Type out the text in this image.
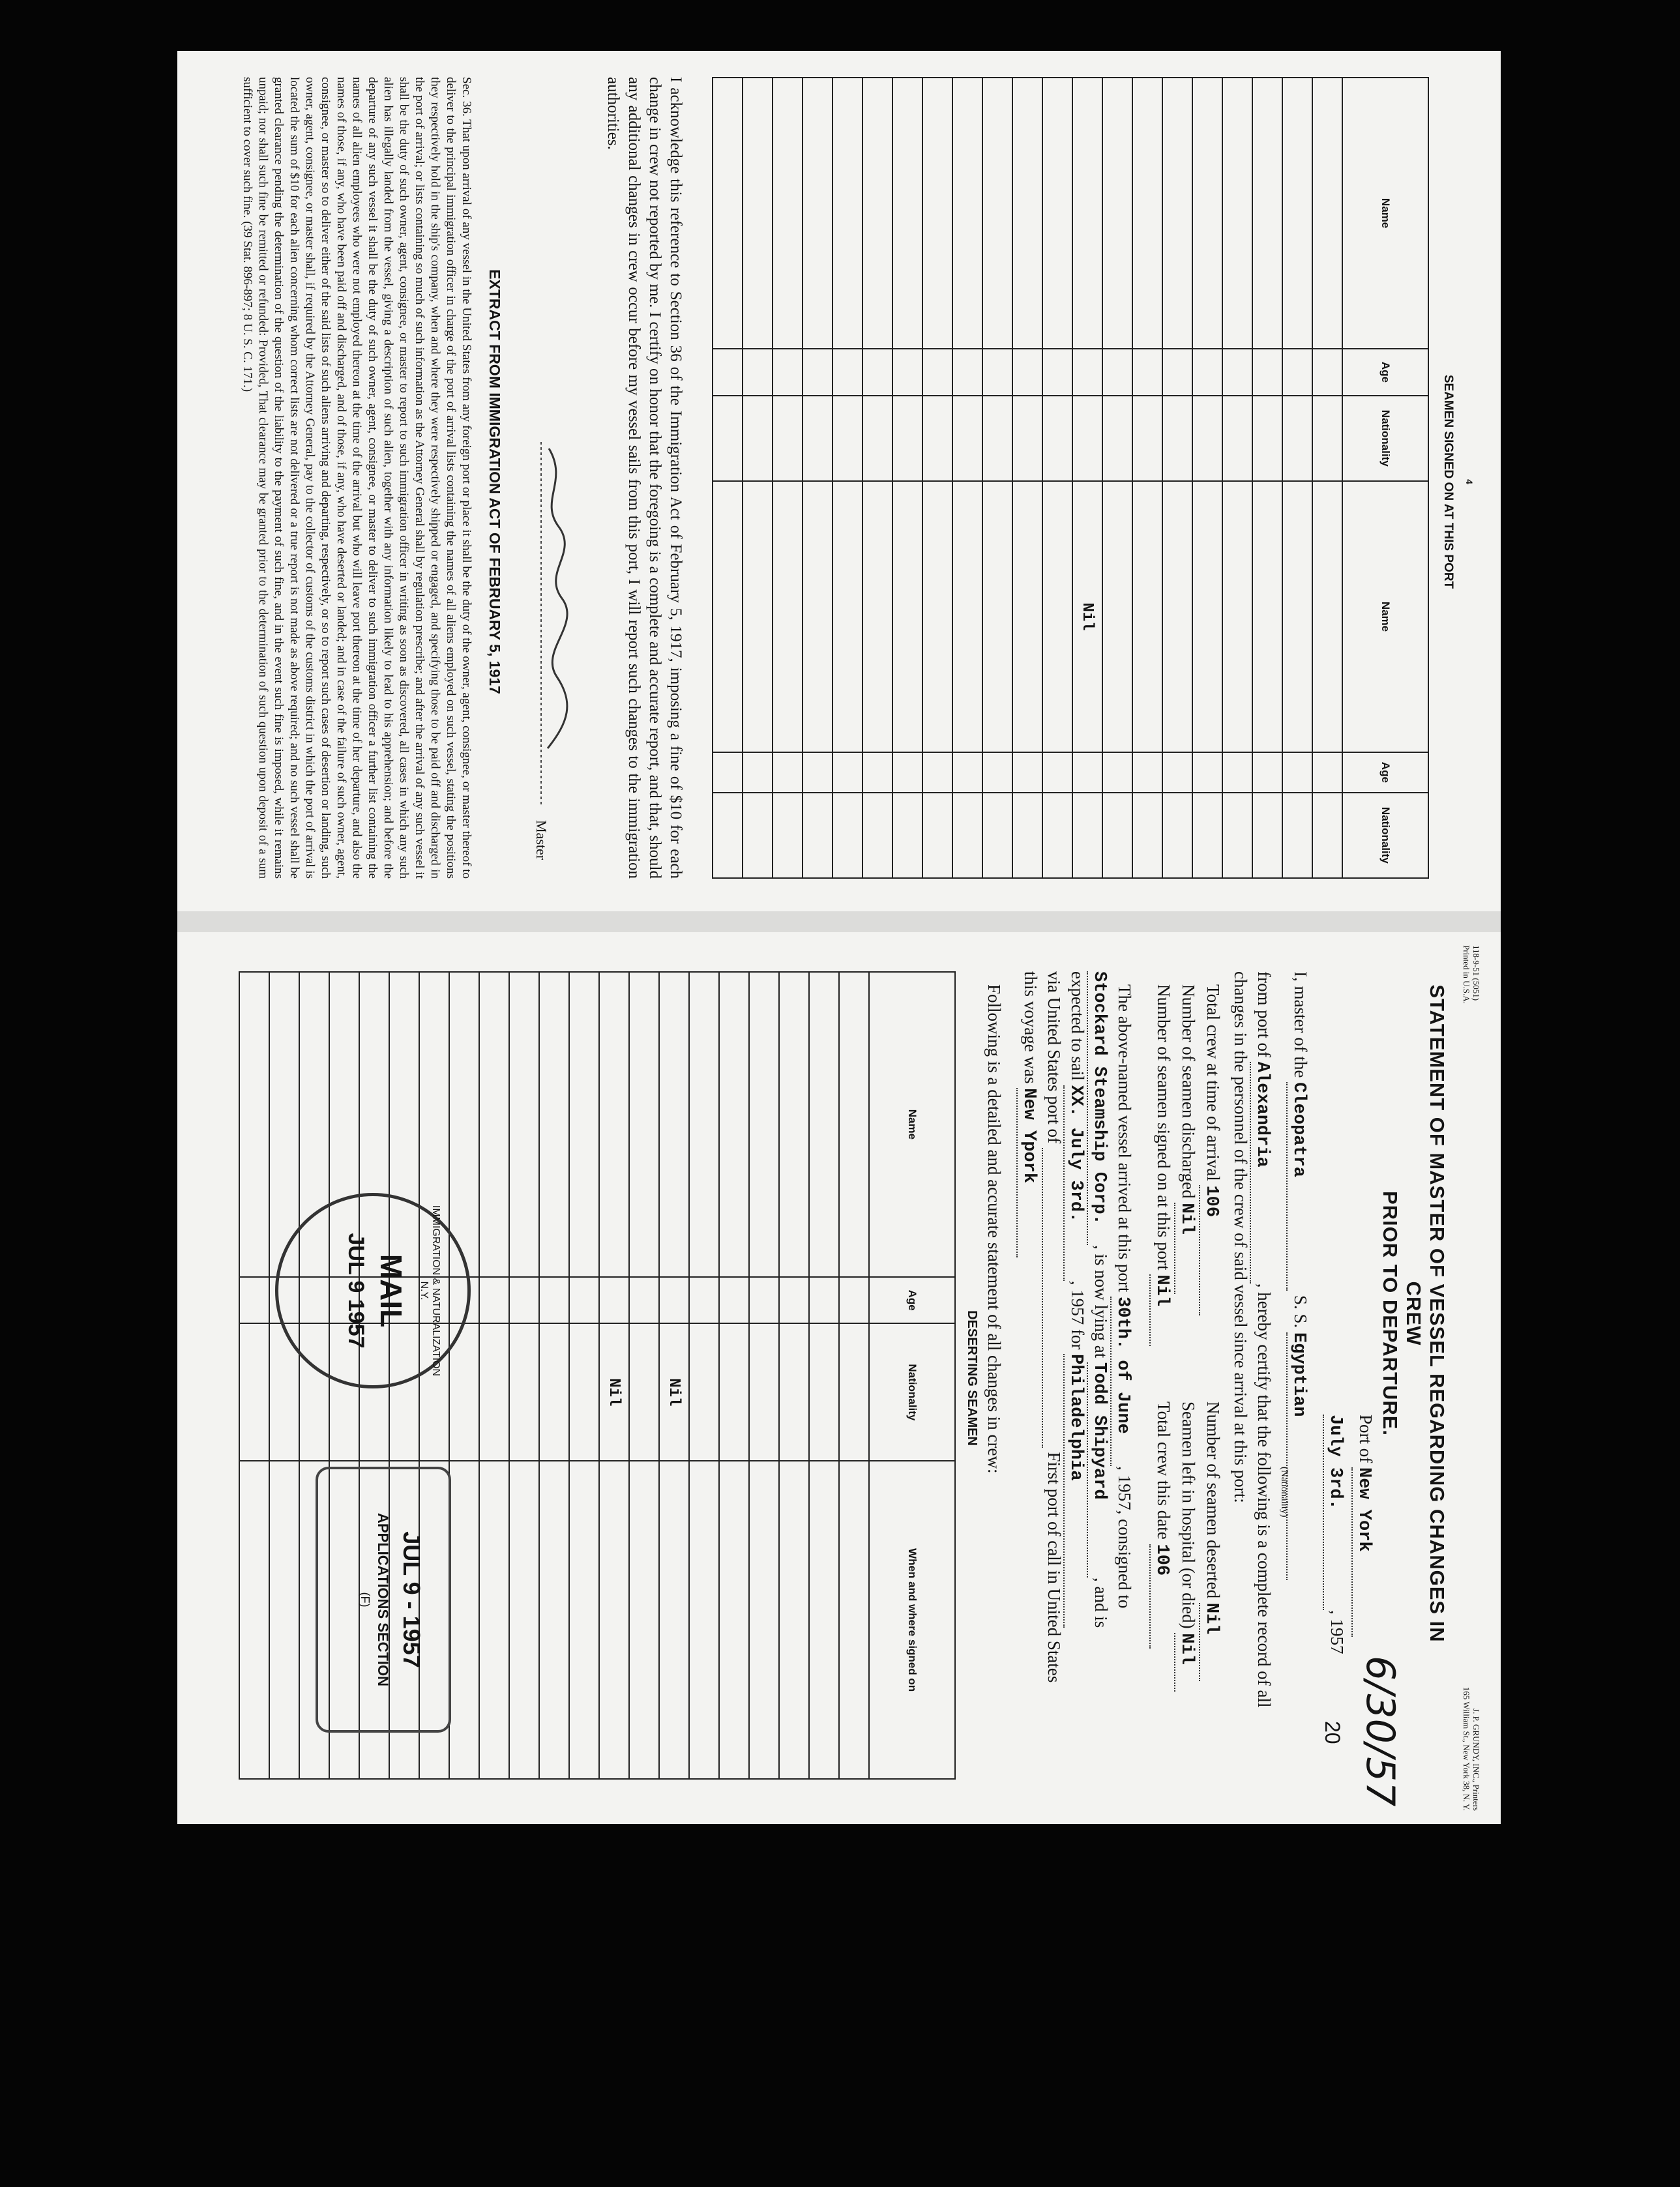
4
SEAMEN SIGNED ON AT THIS PORT
Name	Age	Nationality	Name	Age	Nationality

			Nil		

I acknowledge this reference to Section 36 of the Immigration Act of February 5, 1917, imposing a fine of $10 for each change in crew not reported by me. I certify on honor that the foregoing is a complete and accurate report, and that, should any additional changes in crew occur before my vessel sails from this port, I will report such changes to the immigration authorities.
Master
EXTRACT FROM IMMIGRATION ACT OF FEBRUARY 5, 1917
Sec. 36. That upon arrival of any vessel in the United States from any foreign port or place it shall be the duty of the owner, agent, consignee, or master thereof to deliver to the principal immigration officer in charge of the port of arrival lists containing the names of all aliens employed on such vessel, stating the positions they respectively hold in the ship's company, when and where they were respectively shipped or engaged, and specifying those to be paid off and discharged in the port of arrival; or lists containing so much of such information as the Attorney General shall by regulation prescribe; and after the arrival of any such vessel it shall be the duty of such owner, agent, consignee, or master to report to such immigration officer in writing as soon as discovered, all cases in which any such alien has illegally landed from the vessel, giving a description of such alien, together with any information likely to lead to his apprehension; and before the departure of any such vessel it shall be the duty of such owner, agent, consignee, or master to deliver to such immigration officer a further list containing the names of all alien employees who were not employed thereon at the time of the arrival but who will leave port thereon at the time of her departure, and also the names of those, if any, who have been paid off and discharged, and of those, if any, who have deserted or landed; and in case of the failure of such owner, agent, consignee, or master so to deliver either of the said lists of such aliens arriving and departing, respectively, or so to report such cases of desertion or landing, such owner, agent, consignee, or master shall, if required by the Attorney General, pay to the collector of customs of the customs district in which the port of arrival is located the sum of $10 for each alien concerning whom correct lists are not delivered or a true report is not made as above required; and no such vessel shall be granted clearance pending the determination of the question of the liability to the payment of such fine, and in the event such fine is imposed, while it remains unpaid; nor shall such fine be remitted or refunded: Provided, That clearance may be granted prior to the determination of such question upon deposit of a sum sufficient to cover such fine. (39 Stat. 896-897; 8 U. S. C. 171.)
118-9-51 (5051)
Printed in U.S.A.
J. P. GRUNDY, INC., Printers
165 William St., New York 38, N. Y.
STATEMENT OF MASTER OF VESSEL REGARDING CHANGES IN CREW
PRIOR TO DEPARTURE.
6/30/57
20
Port of New York
July 3rd., 1957
I, master of the Cleopatra S. S. Egyptian
(Nationality)
from port of Alexandria, hereby certify that the following is a complete record of all
changes in the personnel of the crew of said vessel since arrival at this port:
Total crew at time of arrival 106
Number of seamen deserted Nil
Number of seamen discharged Nil
Seamen left in hospital (or died) Nil
Number of seamen signed on at this port Nil
Total crew this date 106
The above-named vessel arrived at this port 30th. of June, 1957, consigned to
Stockard Steamship Corp., is now lying at Todd Shipyard, and is
expected to sail XX. July 3rd., 1957 for Philadelphia
via United States port of   First port of call in United States
this voyage was New Ypork
Following is a detailed and accurate statement of all changes in crew:
DESERTING SEAMEN
Name	Age	Nationality	When and where signed on

		Nil	

		Nil	

IMMIGRATION & NATURALIZATION N.Y.
MAIL
JUL 9 1957
JUL 9 - 1957
APPLICATIONS SECTION
(F)
